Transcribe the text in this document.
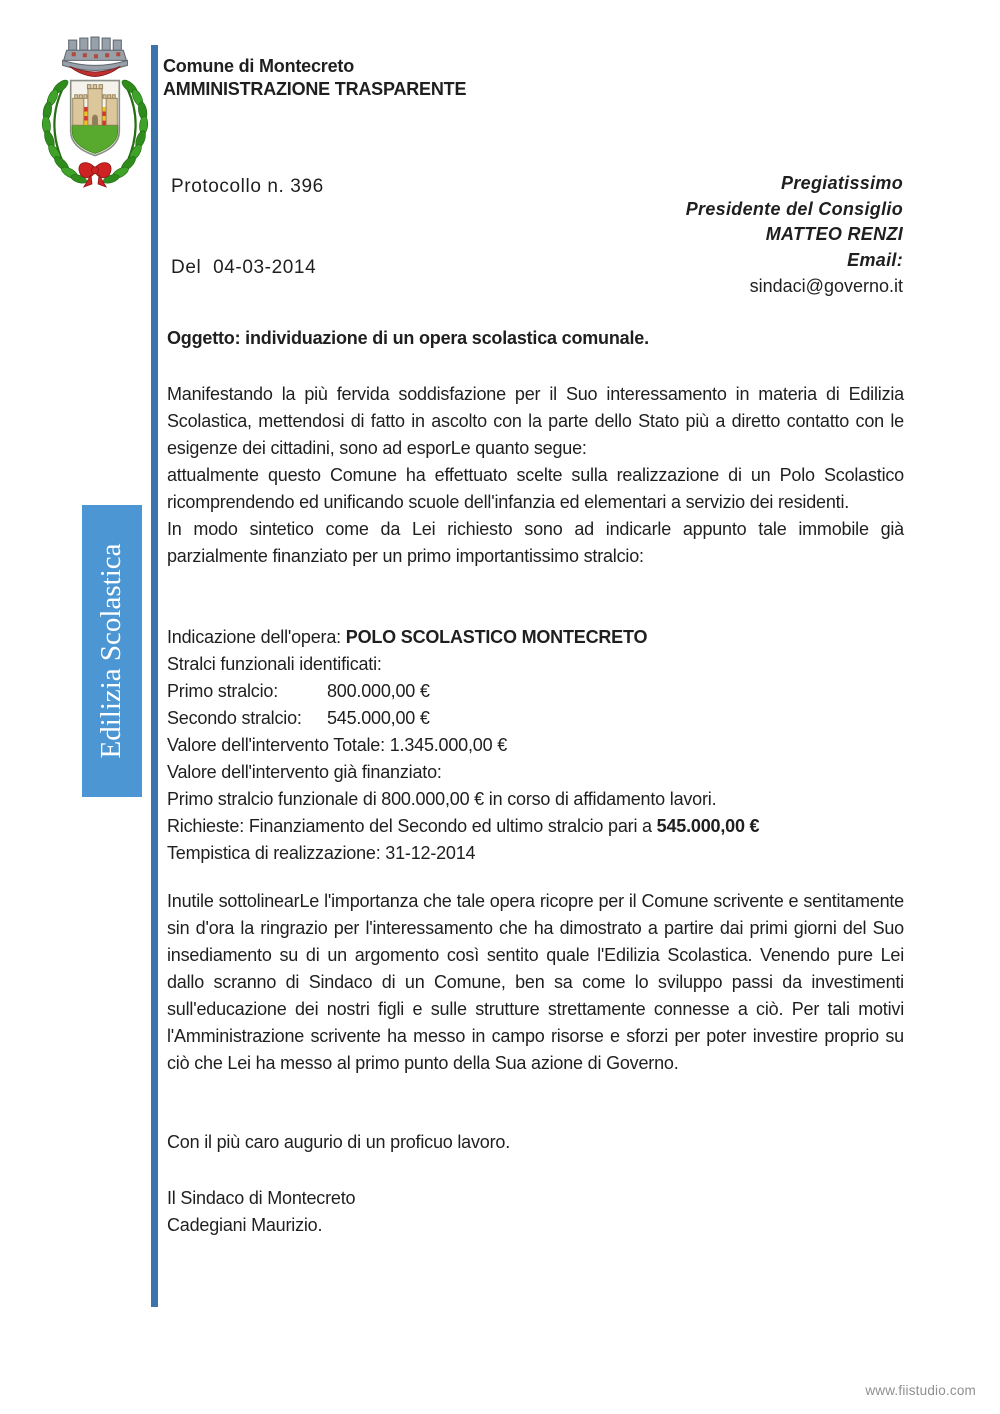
Comune di Montecreto
AMMINISTRAZIONE TRASPARENTE

Protocollo n. 396

Del  04-03-2014

Pregiatissimo
Presidente del Consiglio
MATTEO RENZI
Email:
sindaci@governo.it
Edilizia Scolastica
Oggetto: individuazione di un opera scolastica comunale.

Manifestando la più fervida soddisfazione per il Suo interessamento in materia di Edilizia Scolastica, mettendosi di fatto in ascolto con la parte dello Stato più a diretto contatto con le esigenze dei cittadini, sono ad esporLe quanto segue:

attualmente questo Comune ha effettuato scelte sulla realizzazione di un Polo Scolastico ricomprendendo ed unificando scuole dell'infanzia ed elementari a servizio dei residenti.

In modo sintetico come da Lei richiesto sono ad indicarle appunto tale immobile già parzialmente finanziato per un primo importantissimo stralcio:

Indicazione dell'opera: POLO SCOLASTICO MONTECRETO
Stralci funzionali identificati:
Primo stralcio:	800.000,00 €
Secondo stralcio: 545.000,00 €
Valore dell'intervento Totale: 1.345.000,00 €
Valore dell'intervento già finanziato:
Primo stralcio funzionale di 800.000,00 € in corso di affidamento lavori.
Richieste: Finanziamento del Secondo ed ultimo stralcio pari a 545.000,00 €
Tempistica di realizzazione: 31-12-2014

Inutile sottolinearLe l'importanza che tale opera ricopre per il Comune scrivente e sentitamente sin d'ora la ringrazio per l'interessamento che ha dimostrato a partire dai primi giorni del Suo insediamento su di un argomento così sentito quale l'Edilizia Scolastica. Venendo pure Lei dallo scranno di Sindaco di un Comune, ben sa come lo sviluppo passi da investimenti sull'educazione dei nostri figli e sulle strutture strettamente connesse a ciò. Per tali motivi l'Amministrazione scrivente ha messo in campo risorse e sforzi per poter investire proprio su ciò che Lei ha messo al primo punto della Sua azione di Governo.

Con il più caro augurio di un proficuo lavoro.

Il Sindaco di Montecreto
Cadegiani Maurizio.
www.fiistudio.com
